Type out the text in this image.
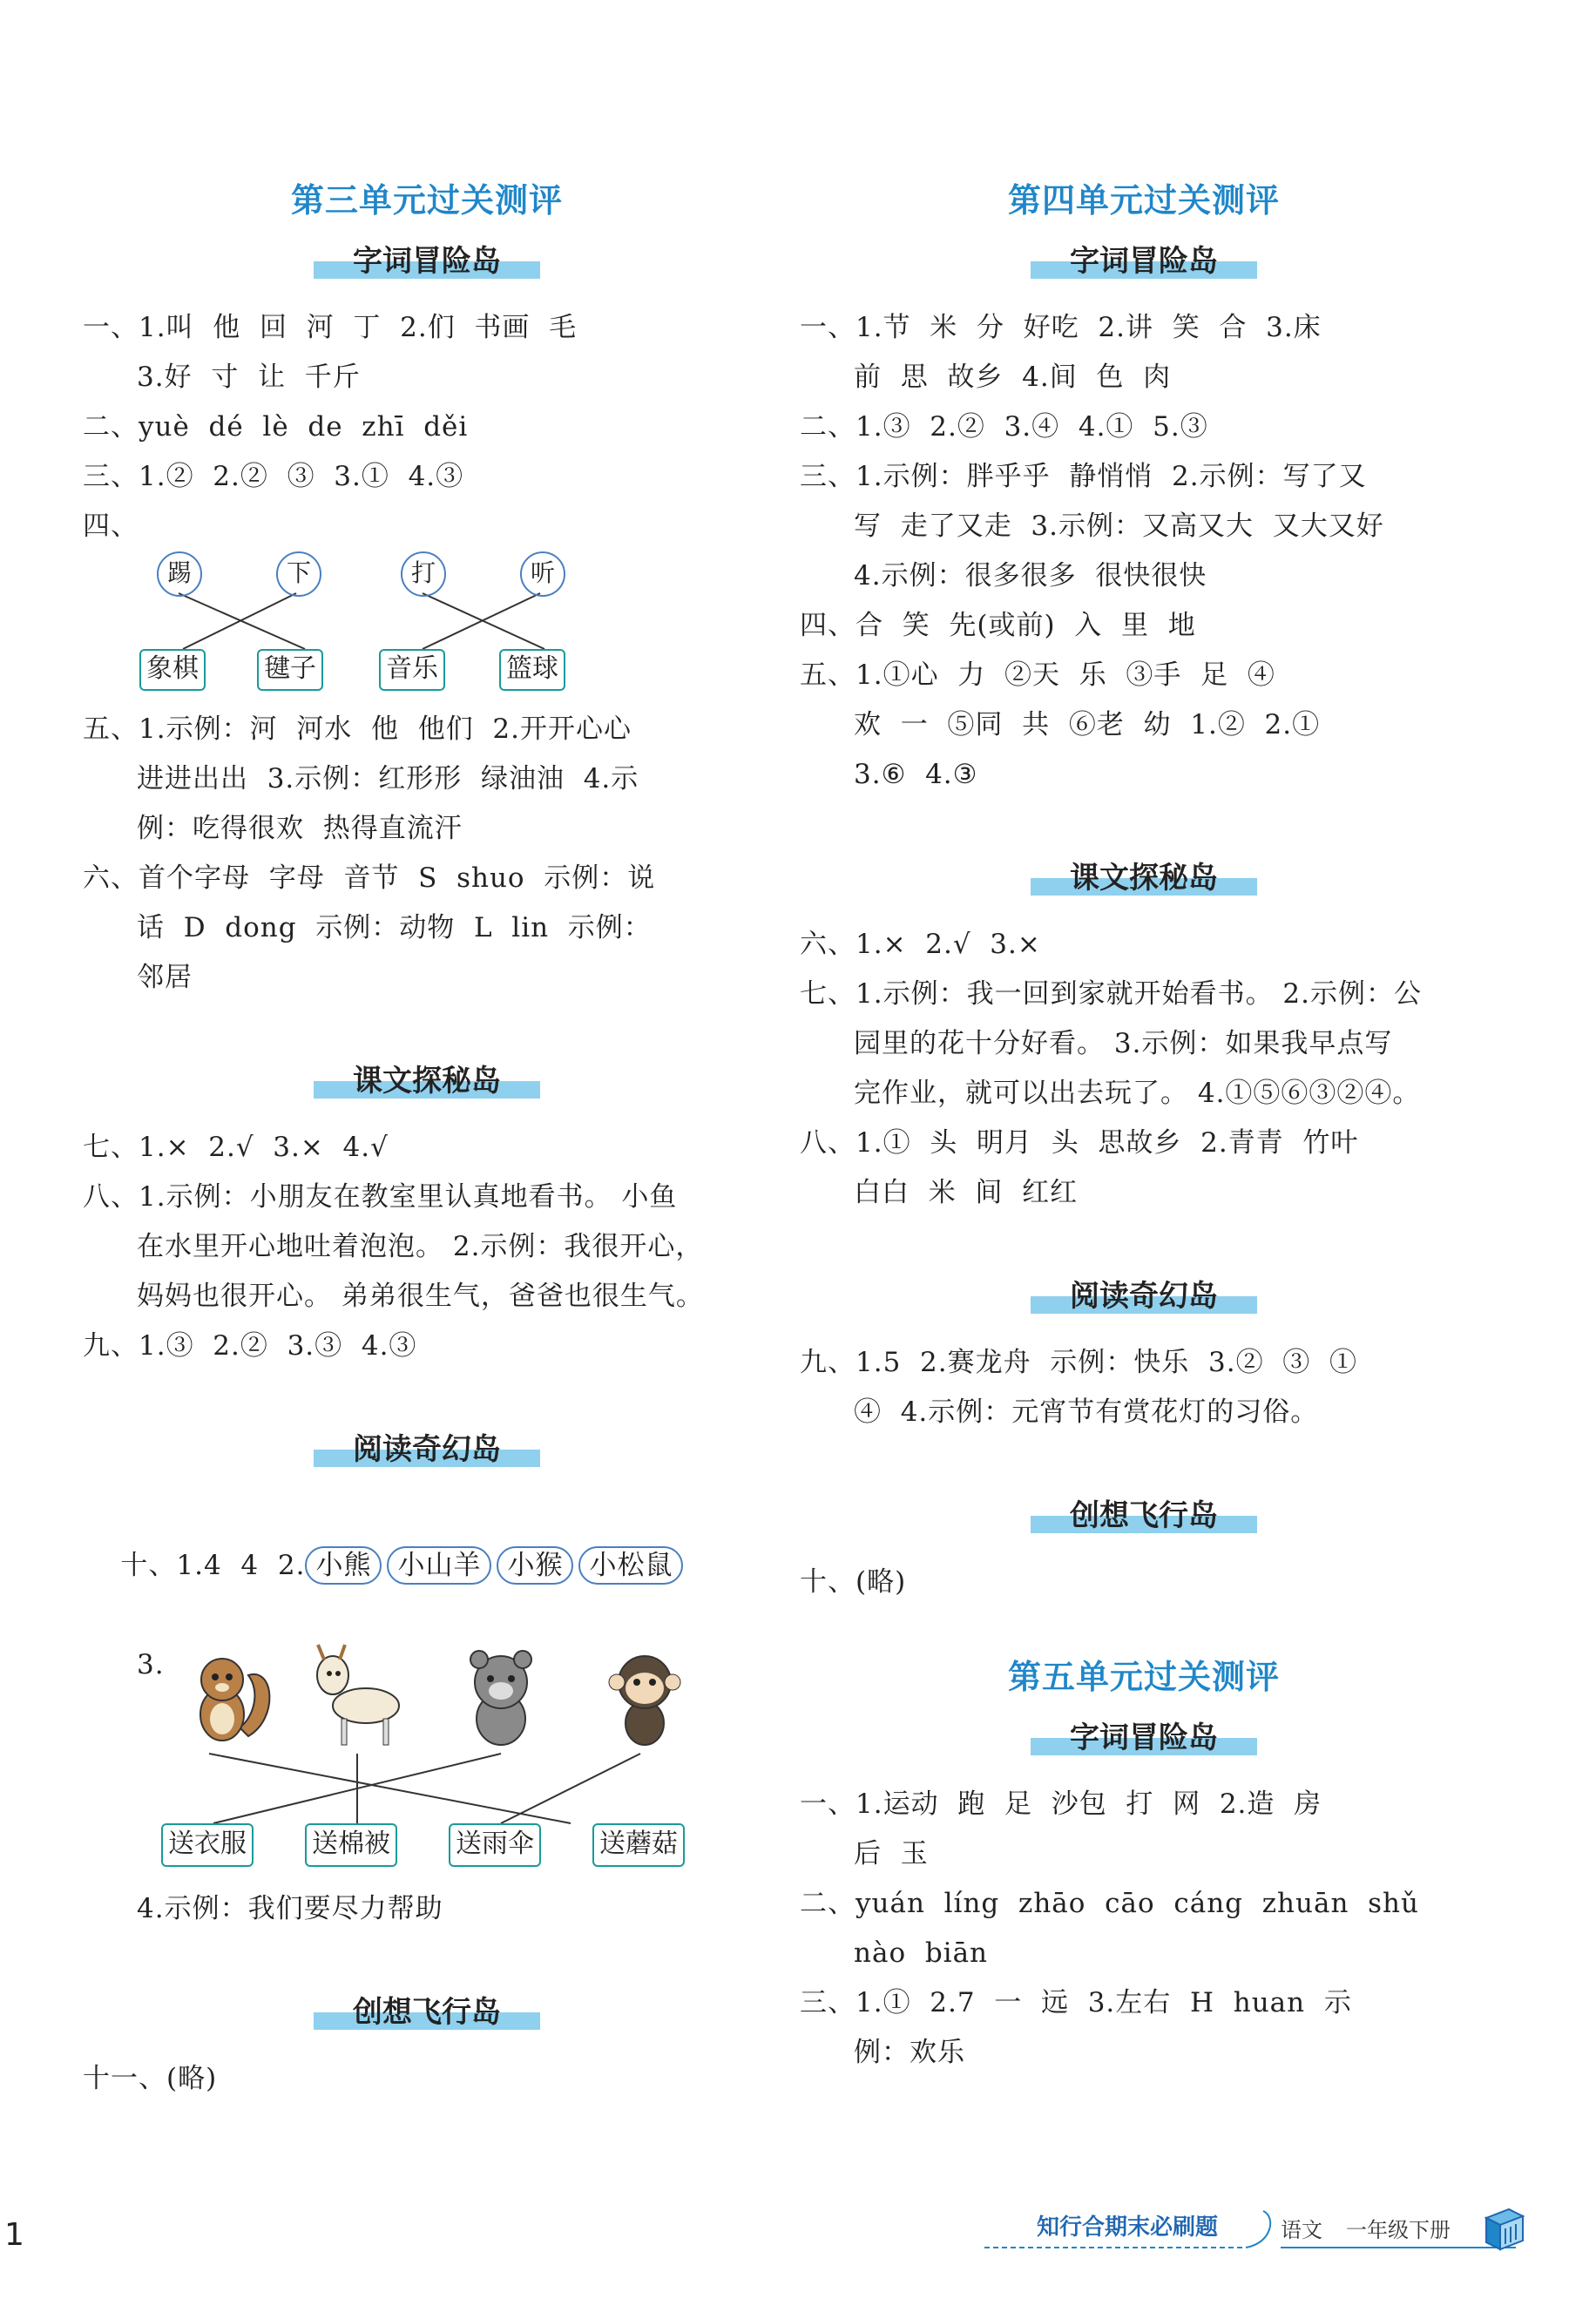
第三单元过关测评
字词冒险岛
一、1.叫  他  回  河  丁  2.们  书画  毛
3.好  寸  让  千斤
二、yuè  dé  lè  de  zhī  děi
三、1.②  2.②  ③  3.①  4.③
四、
踢	下	打	听
象棋	毽子	音乐	篮球
五、1.示例：河  河水  他  他们  2.开开心心
进进出出  3.示例：红形形  绿油油  4.示
例：吃得很欢  热得直流汗
六、首个字母  字母  音节  S  shuo  示例：说
话  D  dong  示例：动物  L  lin  示例：
邻居
课文探秘岛
七、1.×  2.√  3.×  4.√
八、1.示例：小朋友在教室里认真地看书。 小鱼
在水里开心地吐着泡泡。 2.示例：我很开心，
妈妈也很开心。 弟弟很生气，爸爸也很生气。
九、1.③  2.②  3.③  4.③
阅读奇幻岛

十、1.4  4  2. 小熊 小山羊 小猴 小松鼠

3.
送衣服	送棉被	送雨伞	送蘑菇
4.示例：我们要尽力帮助
创想飞行岛
十一、(略)
第四单元过关测评
字词冒险岛
一、1.节  米  分  好吃  2.讲  笑  合  3.床
前  思  故乡  4.间  色  肉
二、1.③  2.②  3.④  4.①  5.③
三、1.示例：胖乎乎  静悄悄  2.示例：写了又
写  走了又走  3.示例：又高又大  又大又好
4.示例：很多很多  很快很快
四、合  笑  先(或前)  入  里  地
五、1.①心  力  ②天  乐  ③手  足  ④
欢  一  ⑤同  共  ⑥老  幼  1.②  2.①
3.⑥  4.③
课文探秘岛
六、1.×  2.√  3.×
七、1.示例：我一回到家就开始看书。 2.示例：公
园里的花十分好看。 3.示例：如果我早点写
完作业，就可以出去玩了。 4.①⑤⑥③②④。
八、1.①  头  明月  头  思故乡  2.青青  竹叶
白白  米  间  红红
阅读奇幻岛
九、1.5  2.赛龙舟  示例：快乐  3.②  ③  ①
④  4.示例：元宵节有赏花灯的习俗。
创想飞行岛
十、(略)
第五单元过关测评
字词冒险岛
一、1.运动  跑  足  沙包  打  网  2.造  房
后  玉
二、yuán  líng  zhāo  cāo  cáng  zhuān  shǔ
nào  biān
三、1.①  2.7  一  远  3.左右  H  huan  示
例：欢乐
知行合期末必刷题	语文 一年级下册
1
